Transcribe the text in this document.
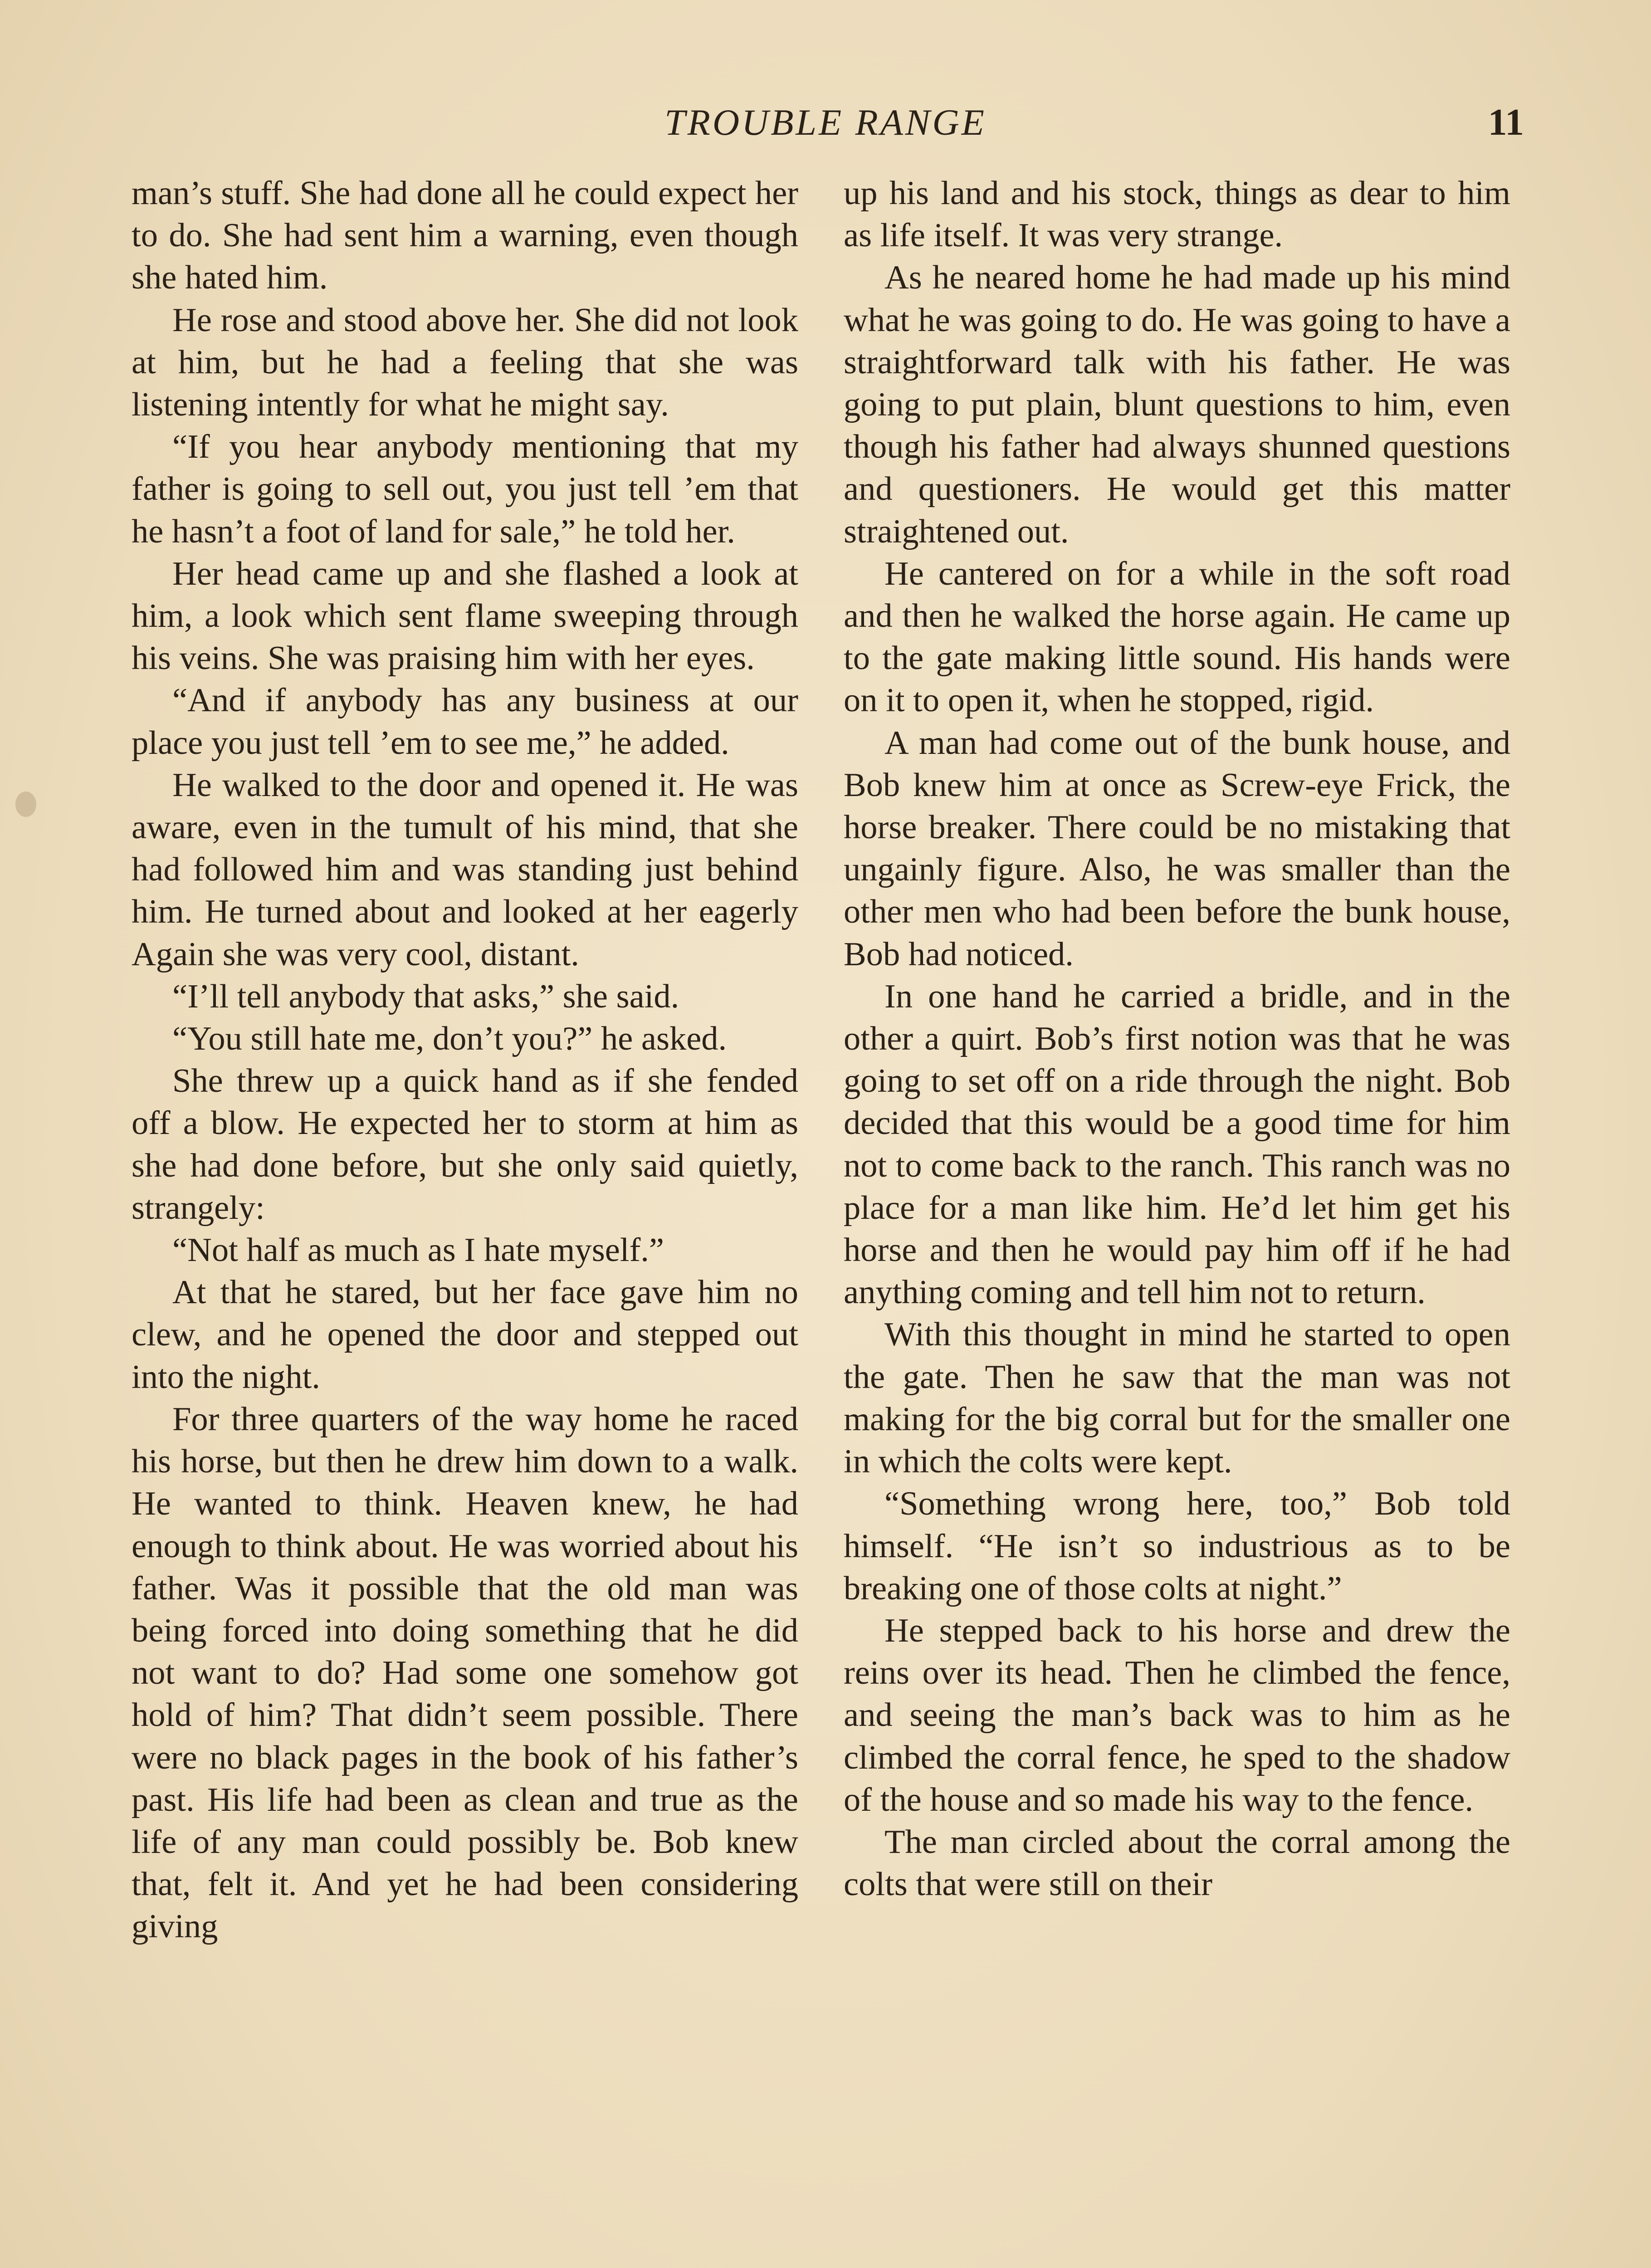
TROUBLE RANGE	11

man’s stuff. She had done all he could expect her to do. She had sent him a warning, even though she hated him.

He rose and stood above her. She did not look at him, but he had a feeling that she was listening intently for what he might say.

“If you hear anybody mentioning that my father is going to sell out, you just tell ’em that he hasn’t a foot of land for sale,” he told her.

Her head came up and she flashed a look at him, a look which sent flame sweeping through his veins. She was praising him with her eyes.

“And if anybody has any business at our place you just tell ’em to see me,” he added.

He walked to the door and opened it. He was aware, even in the tumult of his mind, that she had followed him and was standing just behind him. He turned about and looked at her eagerly Again she was very cool, distant.

“I’ll tell anybody that asks,” she said.

“You still hate me, don’t you?” he asked.

She threw up a quick hand as if she fended off a blow. He expected her to storm at him as she had done before, but she only said quietly, strangely:

“Not half as much as I hate myself.”

At that he stared, but her face gave him no clew, and he opened the door and stepped out into the night.

For three quarters of the way home he raced his horse, but then he drew him down to a walk. He wanted to think. Heaven knew, he had enough to think about. He was worried about his father. Was it possible that the old man was being forced into doing something that he did not want to do? Had some one somehow got hold of him? That didn’t seem possible. There were no black pages in the book of his father’s past. His life had been as clean and true as the life of any man could possibly be. Bob knew that, felt it. And yet he had been considering giving

up his land and his stock, things as dear to him as life itself. It was very strange.

As he neared home he had made up his mind what he was going to do. He was going to have a straightforward talk with his father. He was going to put plain, blunt questions to him, even though his father had always shunned questions and questioners. He would get this matter straightened out.

He cantered on for a while in the soft road and then he walked the horse again. He came up to the gate making little sound. His hands were on it to open it, when he stopped, rigid.

A man had come out of the bunk house, and Bob knew him at once as Screw-eye Frick, the horse breaker. There could be no mistaking that ungainly figure. Also, he was smaller than the other men who had been before the bunk house, Bob had noticed.

In one hand he carried a bridle, and in the other a quirt. Bob’s first notion was that he was going to set off on a ride through the night. Bob decided that this would be a good time for him not to come back to the ranch. This ranch was no place for a man like him. He’d let him get his horse and then he would pay him off if he had anything coming and tell him not to return.

With this thought in mind he started to open the gate. Then he saw that the man was not making for the big corral but for the smaller one in which the colts were kept.

“Something wrong here, too,” Bob told himself. “He isn’t so industrious as to be breaking one of those colts at night.”

He stepped back to his horse and drew the reins over its head. Then he climbed the fence, and seeing the man’s back was to him as he climbed the corral fence, he sped to the shadow of the house and so made his way to the fence.

The man circled about the corral among the colts that were still on their
